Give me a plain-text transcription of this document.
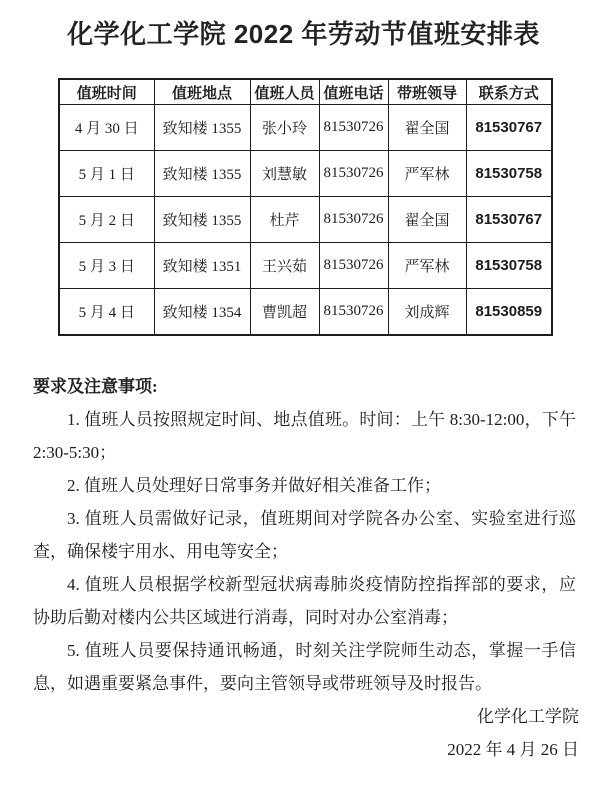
化学化工学院 2022 年劳动节值班安排表
值班时间	值班地点	值班人员	值班电话	带班领导	联系方式
4 月 30 日	致知楼 1355	张小玲	81530726	翟全国	81530767
5 月 1 日	致知楼 1355	刘慧敏	81530726	严军林	81530758
5 月 2 日	致知楼 1355	杜芹	81530726	翟全国	81530767
5 月 3 日	致知楼 1351	王兴茹	81530726	严军林	81530758
5 月 4 日	致知楼 1354	曹凯超	81530726	刘成辉	81530859

要求及注意事项:

1. 值班人员按照规定时间、地点值班。时间：上午 8:30-12:00，下午 2:30-5:30；

2. 值班人员处理好日常事务并做好相关准备工作；

3. 值班人员需做好记录，值班期间对学院各办公室、实验室进行巡查，确保楼宇用水、用电等安全；

4. 值班人员根据学校新型冠状病毒肺炎疫情防控指挥部的要求，应协助后勤对楼内公共区域进行消毒，同时对办公室消毒；

5. 值班人员要保持通讯畅通，时刻关注学院师生动态，掌握一手信息，如遇重要紧急事件，要向主管领导或带班领导及时报告。

化学化工学院

2022 年 4 月 26 日
